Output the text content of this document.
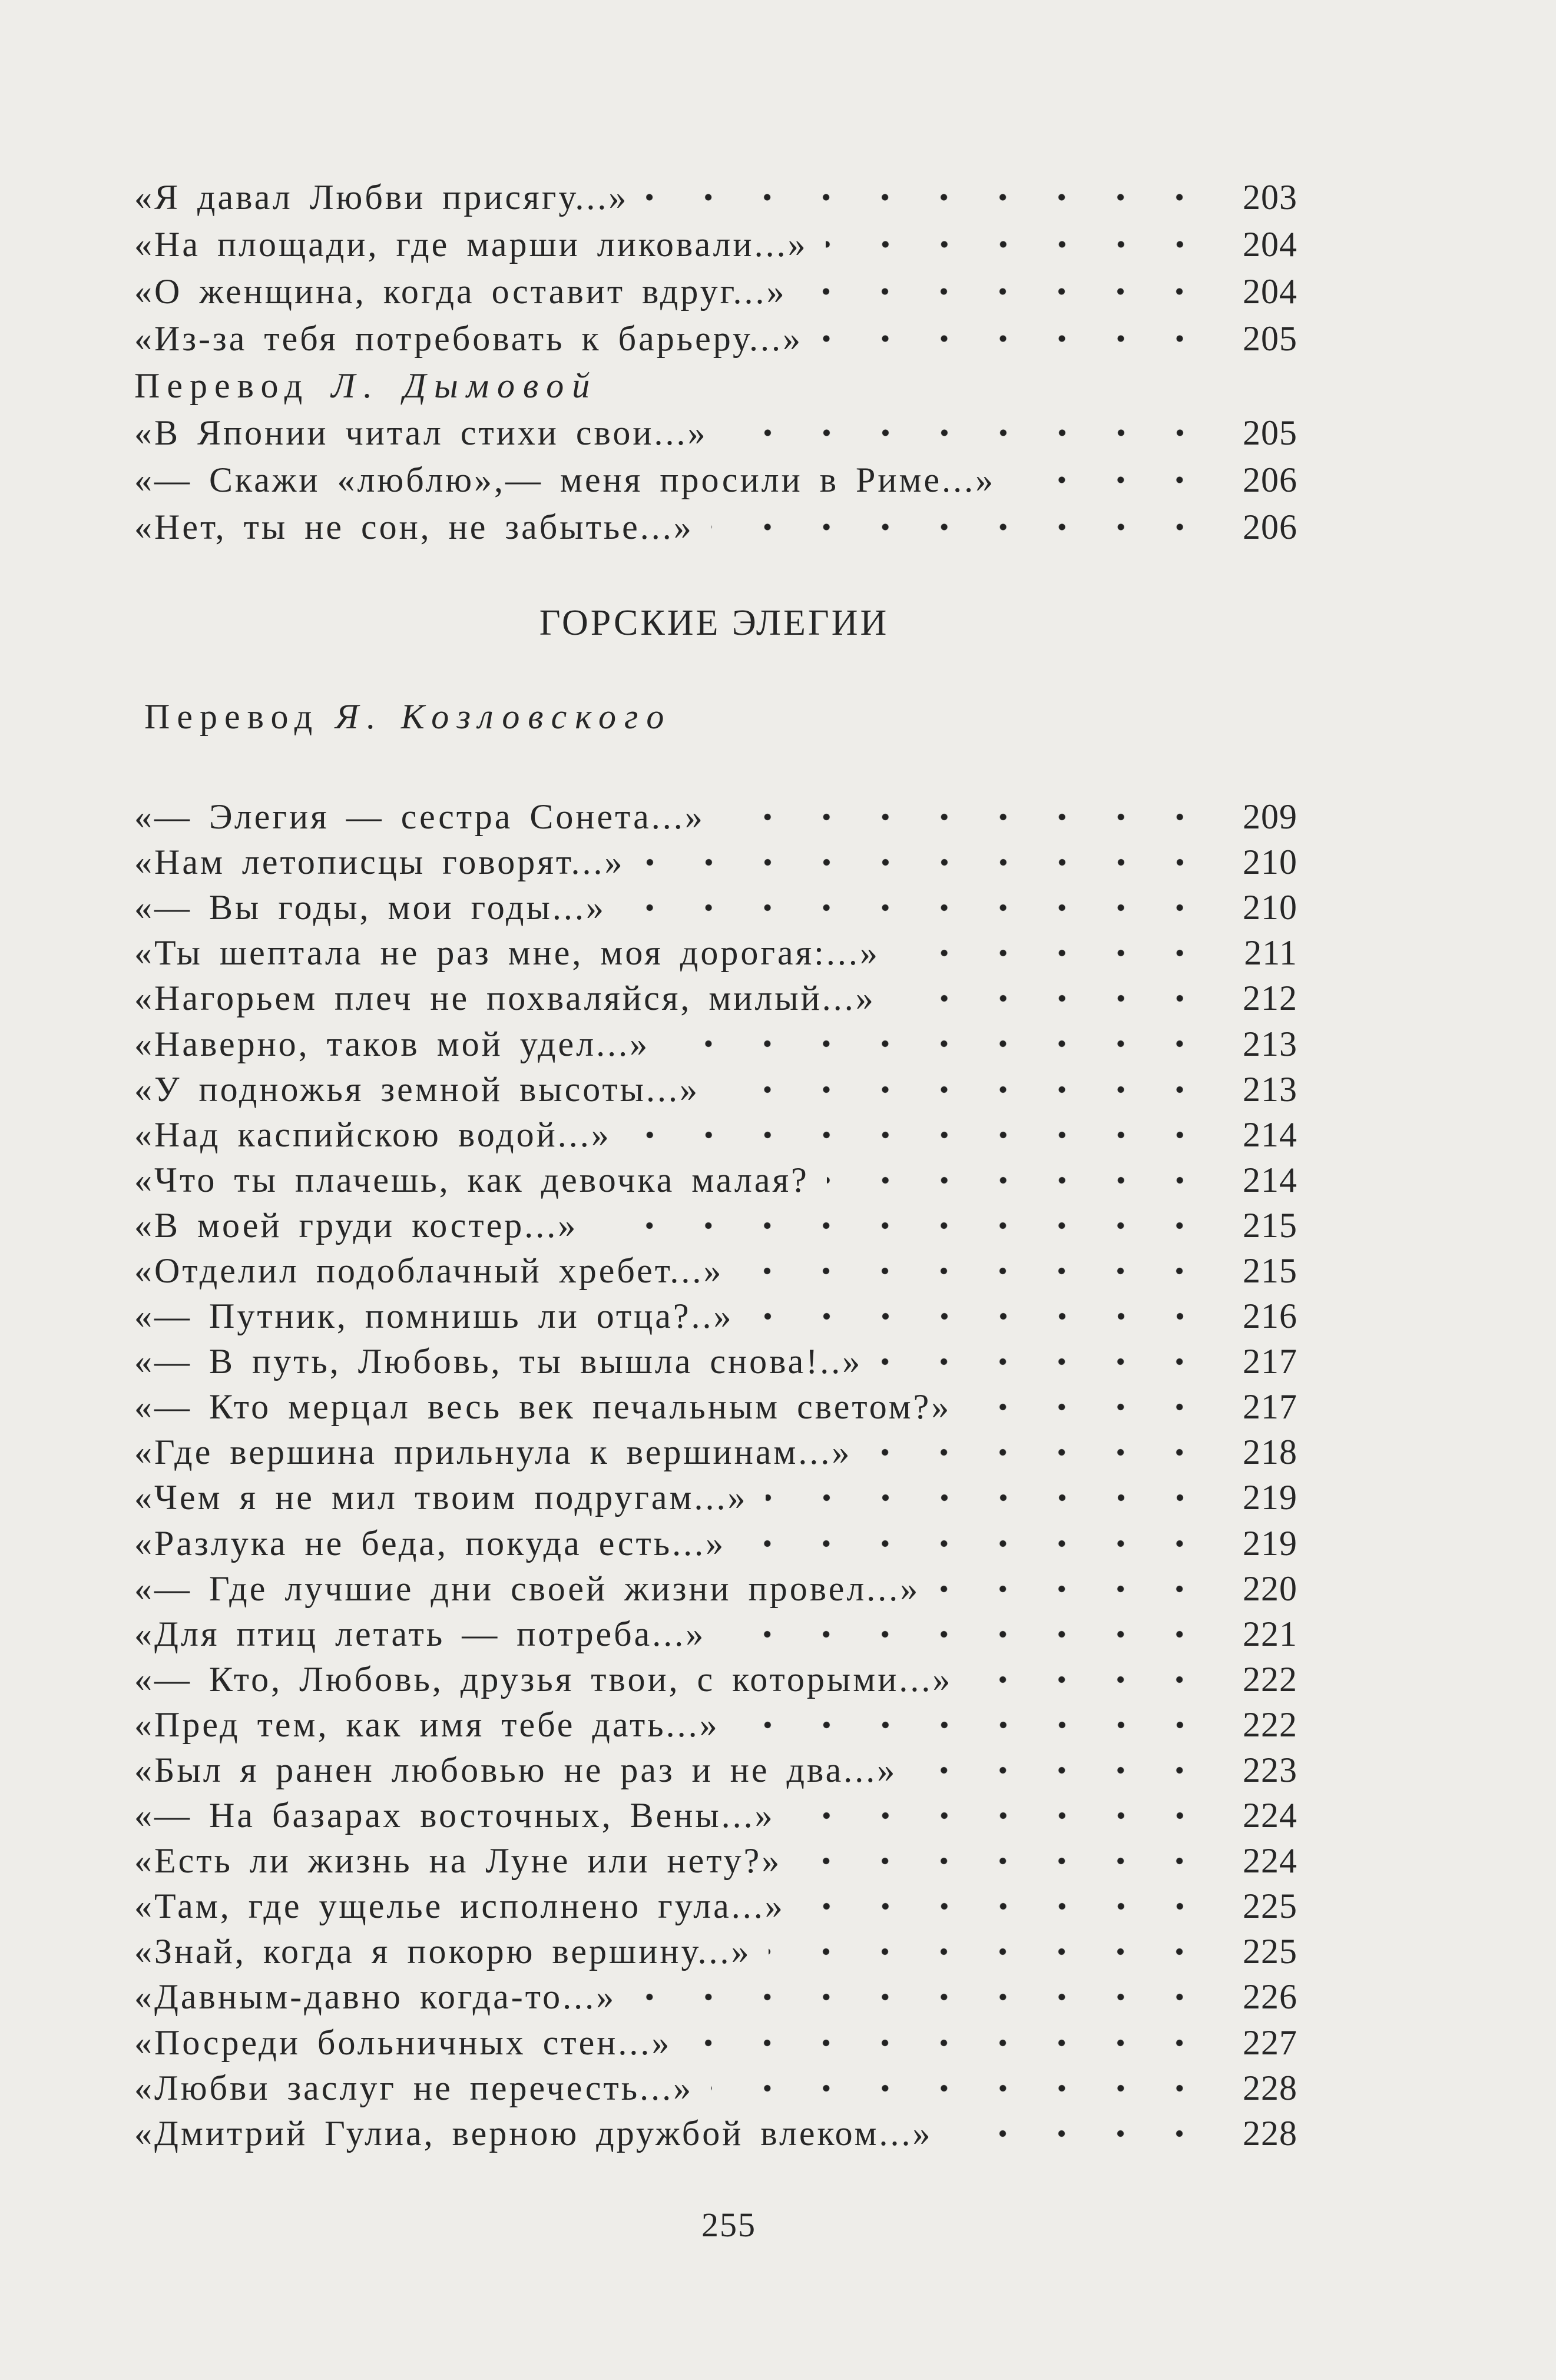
«Я давал Любви присягу...»	203
«На площади, где марши ликовали...»	204
«О женщина, когда оставит вдруг...»	204
«Из-за тебя потребовать к барьеру...»	205
Перевод
Л. Дымовой
«В Японии читал стихи свои...»	205
«— Скажи «люблю»,— меня просили в Риме...»	206
«Нет, ты не сон, не забытье...»	206
ГОРСКИЕ ЭЛЕГИИ
Перевод Я. Козловского
«— Элегия — сестра Сонета...»	209
«Нам летописцы говорят...»	210
«— Вы годы, мои годы...»	210
«Ты шептала не раз мне, моя дорогая:...»	211
«Нагорьем плеч не похваляйся, милый...»	212
«Наверно, таков мой удел...»	213
«У подножья земной высоты...»	213
«Над каспийскою водой...»	214
«Что ты плачешь, как девочка малая?	214
«В моей груди костер...»	215
«Отделил подоблачный хребет...»	215
«— Путник, помнишь ли отца?..»	216
«— В путь, Любовь, ты вышла снова!..»	217
«— Кто мерцал весь век печальным светом?»	217
«Где вершина прильнула к вершинам...»	218
«Чем я не мил твоим подругам...»	219
«Разлука не беда, покуда есть...»	219
«— Где лучшие дни своей жизни провел...»	220
«Для птиц летать — потреба...»	221
«— Кто, Любовь, друзья твои, с которыми...»	222
«Пред тем, как имя тебе дать...»	222
«Был я ранен любовью не раз и не два...»	223
«— На базарах восточных, Вены...»	224
«Есть ли жизнь на Луне или нету?»	224
«Там, где ущелье исполнено гула...»	225
«Знай, когда я покорю вершину...»	225
«Давным-давно когда-то...»	226
«Посреди больничных стен...»	227
«Любви заслуг не перечесть...»	228
«Дмитрий Гулиа, верною дружбой влеком...»	228
255
